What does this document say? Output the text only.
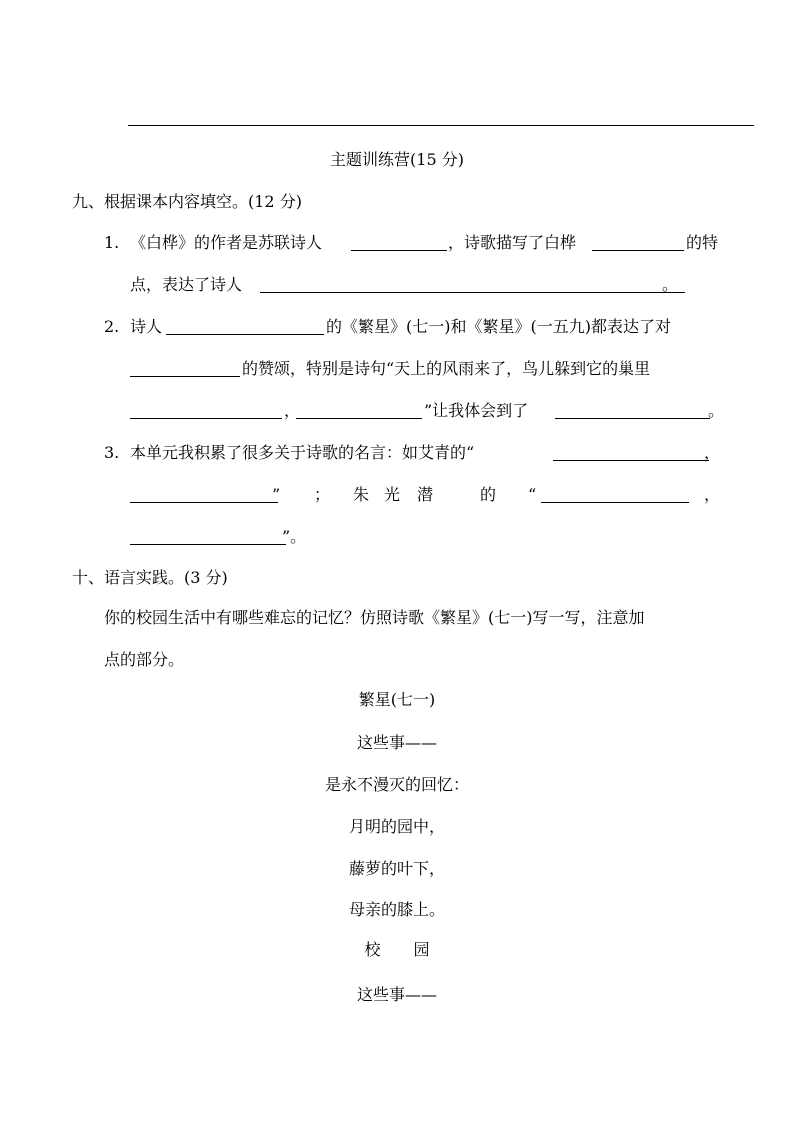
主题训练营(15 分)
九、根据课本内容填空。(12 分)
1. 《白桦》的作者是苏联诗人	，诗歌描写了白桦	的特
点，表达了诗人	。
2. 诗人	的《繁星》(七一)和《繁星》(一五九)都表达了对
的赞颂，特别是诗句“天上的风雨来了，鸟儿躲到它的巢里
，	”让我体会到了	。
3. 本单元我积累了很多关于诗歌的名言：如艾青的“	，
” ； 朱 光 潜	的 “	，
”。
十、语言实践。(3 分)
你的校园生活中有哪些难忘的记忆？仿照诗歌《繁星》(七一)写一写，注意加
点的部分。
繁星(七一)
这些事——
是永不漫灭的回忆：
月明的园中，
藤萝的叶下，
母亲的膝上。
校 园
这些事——
